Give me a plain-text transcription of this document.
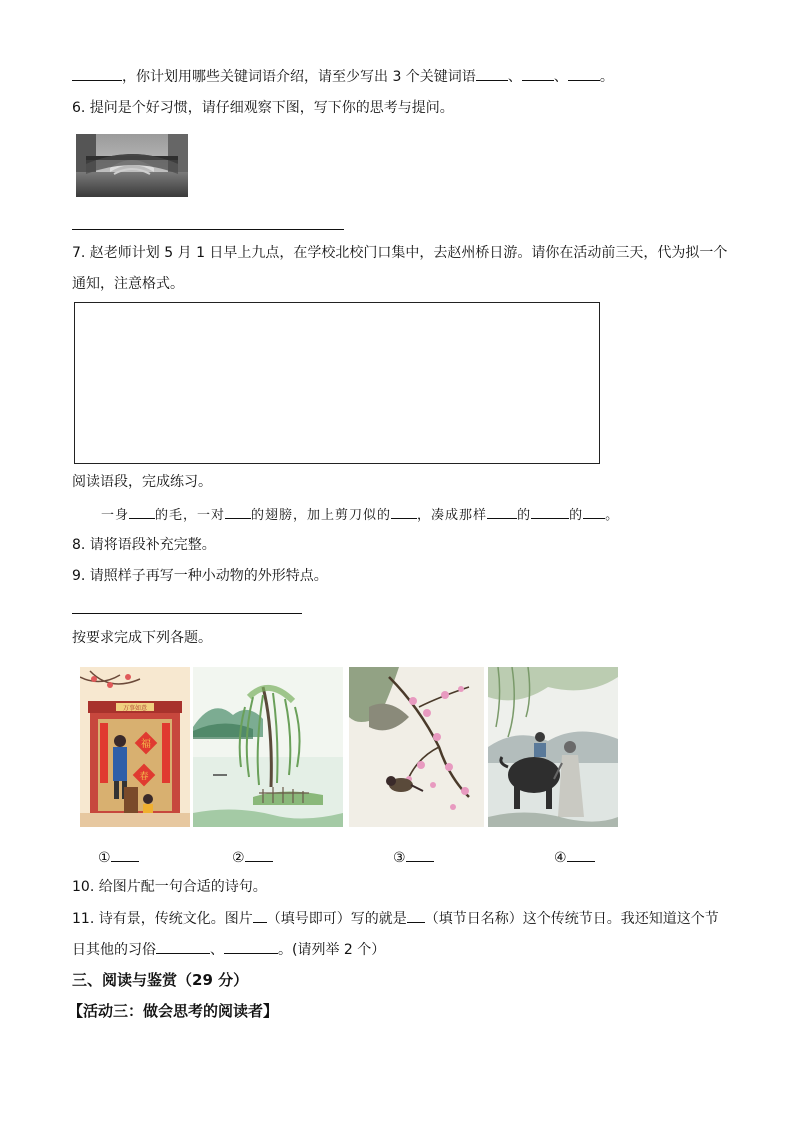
，你计划用哪些关键词语介绍，请至少写出 3 个关键词语 、 、 。
6. 提问是个好习惯，请仔细观察下图，写下你的思考与提问。
7. 赵老师计划 5 月 1 日早上九点，在学校北校门口集中，去赵州桥日游。请你在活动前三天，代为拟一个
通知，注意格式。
阅读语段，完成练习。
一身 的毛，一对 的翅膀，加上剪刀似的 ，凑成那样 的	的 。
8. 请将语段补充完整。
9. 请照样子再写一种小动物的外形特点。
按要求完成下列各题。
万事如意
福
春
①	②	③	④
10. 给图片配一句合适的诗句。
11. 诗有景，传统文化。图片 （填号即可）写的就是 （填节日名称）这个传统节日。我还知道这个节
日其他的习俗	、	。(请列举 2 个）
三、阅读与鉴赏（29 分）
【活动三：做会思考的阅读者】
